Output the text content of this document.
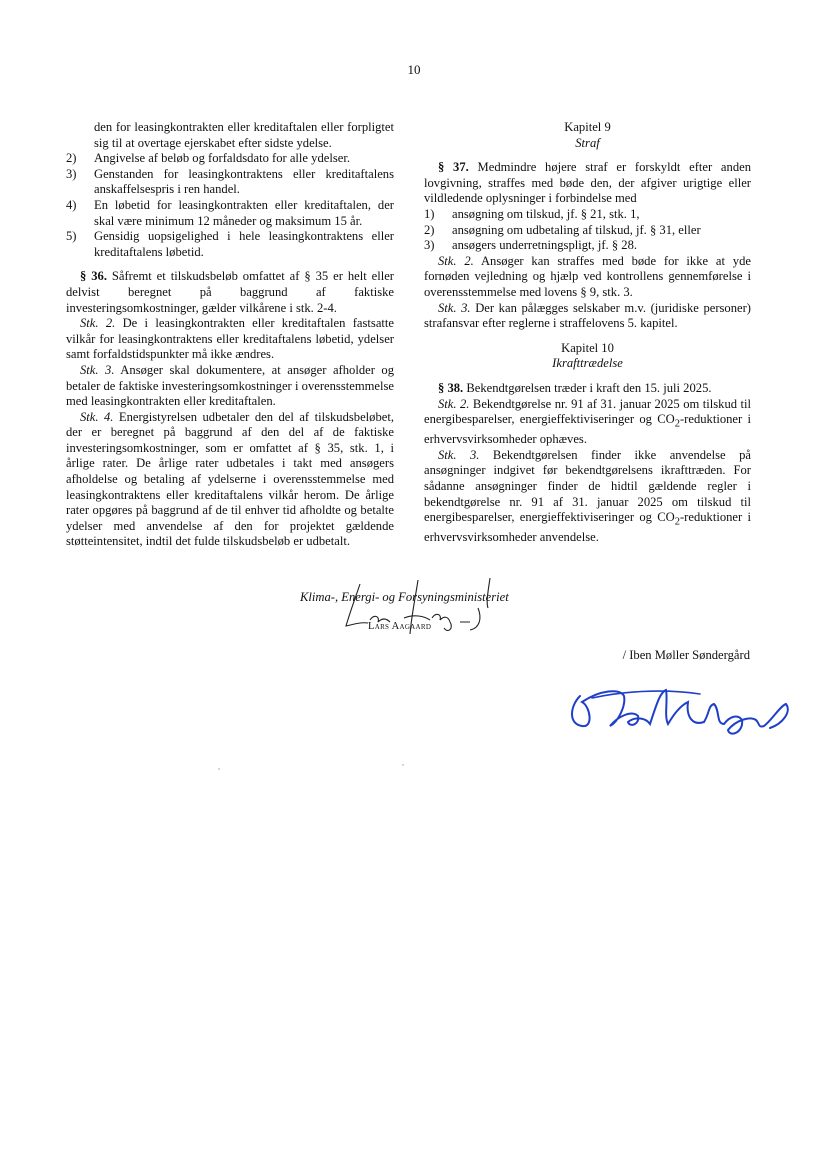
10

den for leasingkontrakten eller kreditaftalen eller forpligtet sig til at overtage ejerskabet efter sidste ydelse.

2)	Angivelse af beløb og forfaldsdato for alle ydelser.
3)	Genstanden for leasingkontraktens eller kreditaftalens anskaffelsespris i ren handel.
4)	En løbetid for leasingkontrakten eller kreditaftalen, der skal være minimum 12 måneder og maksimum 15 år.
5)	Gensidig uopsigelighed i hele leasingkontraktens eller kreditaftalens løbetid.

§ 36. Såfremt et tilskudsbeløb omfattet af § 35 er helt eller delvist beregnet på baggrund af faktiske investeringsomkostninger, gælder vilkårene i stk. 2-4.

Stk. 2. De i leasingkontrakten eller kreditaftalen fastsatte vilkår for leasingkontraktens eller kreditaftalens løbetid, ydelser samt forfaldstidspunkter må ikke ændres.

Stk. 3. Ansøger skal dokumentere, at ansøger afholder og betaler de faktiske investeringsomkostninger i overensstemmelse med leasingkontrakten eller kreditaftalen.

Stk. 4. Energistyrelsen udbetaler den del af tilskudsbeløbet, der er beregnet på baggrund af den del af de faktiske investeringsomkostninger, som er omfattet af § 35, stk. 1, i årlige rater. De årlige rater udbetales i takt med ansøgers afholdelse og betaling af ydelserne i overensstemmelse med leasingkontraktens eller kreditaftalens vilkår herom. De årlige rater opgøres på baggrund af de til enhver tid afholdte og betalte ydelser med anvendelse af den for projektet gældende støtteintensitet, indtil det fulde tilskudsbeløb er udbetalt.

Kapitel 9

Straf

§ 37. Medmindre højere straf er forskyldt efter anden lovgivning, straffes med bøde den, der afgiver urigtige eller vildledende oplysninger i forbindelse med

1)	ansøgning om tilskud, jf. § 21, stk. 1,
2)	ansøgning om udbetaling af tilskud, jf. § 31, eller
3)	ansøgers underretningspligt, jf. § 28.

Stk. 2. Ansøger kan straffes med bøde for ikke at yde fornøden vejledning og hjælp ved kontrollens gennemførelse i overensstemmelse med lovens § 9, stk. 3.

Stk. 3. Der kan pålægges selskaber m.v. (juridiske personer) strafansvar efter reglerne i straffelovens 5. kapitel.

Kapitel 10

Ikrafttrædelse

§ 38. Bekendtgørelsen træder i kraft den 15. juli 2025.

Stk. 2. Bekendtgørelse nr. 91 af 31. januar 2025 om tilskud til energibesparelser, energieffektiviseringer og $CO_2$-reduktioner i erhvervsvirksomheder ophæves.

Stk. 3. Bekendtgørelsen finder ikke anvendelse på ansøgninger indgivet før bekendtgørelsens ikrafttræden. For sådanne ansøgninger finder de hidtil gældende regler i bekendtgørelse nr. 91 af 31. januar 2025 om tilskud til energibesparelser, energieffektiviseringer og $CO_2$-reduktioner i erhvervsvirksomheder anvendelse.

Klima-, Energi- og Forsyningsministeriet
Lars Aagaard
/ Iben Møller Søndergård
